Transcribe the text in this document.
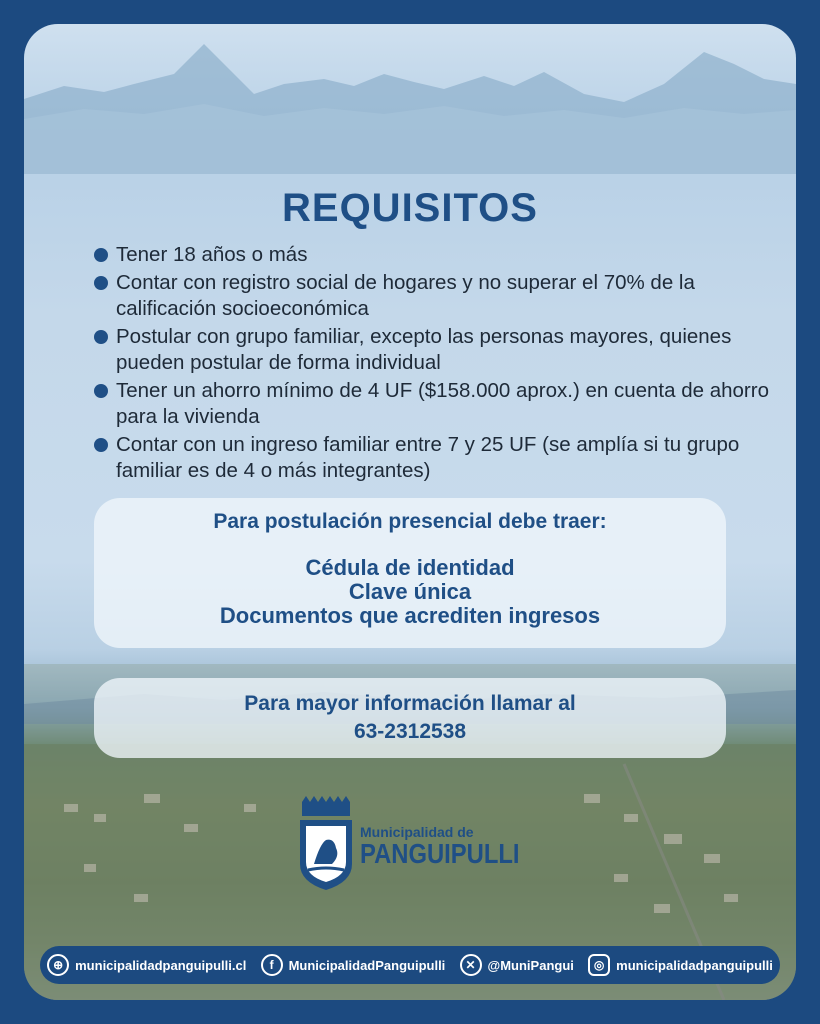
REQUISITOS
Tener 18 años o más
Contar con registro social de hogares y no superar el 70% de la calificación socioeconómica
Postular con grupo familiar, excepto las personas mayores, quienes pueden postular de forma individual
Tener un ahorro mínimo de 4 UF ($158.000 aprox.) en cuenta de ahorro para la vivienda
Contar con un ingreso familiar entre 7 y 25 UF (se amplía si tu grupo familiar es de 4 o más integrantes)
Para postulación presencial debe traer:
Cédula de identidad
Clave única
Documentos que acrediten ingresos
Para mayor información llamar al
63-2312538
Municipalidad de
PANGUIPULLI
⊕ municipalidadpanguipulli.cl	f	MunicipalidadPanguipulli	✕ @MuniPangui	◎ municipalidadpanguipulli
